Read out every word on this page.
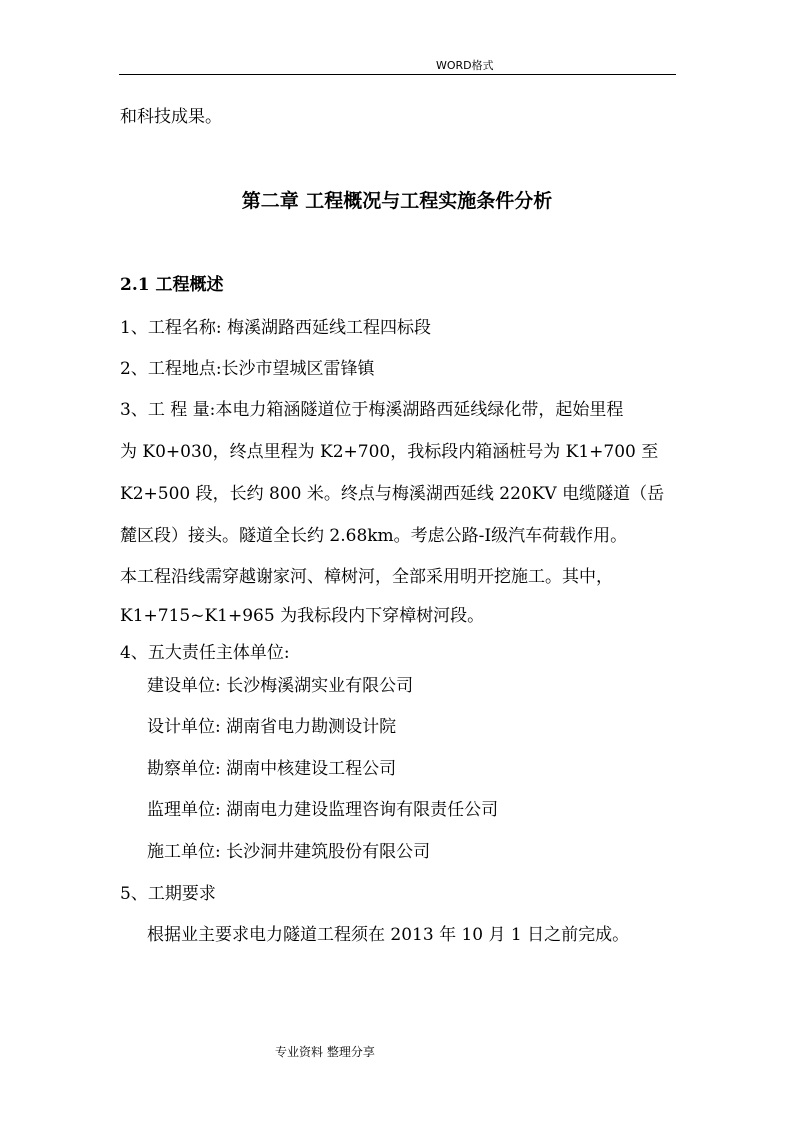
WORD格式
和科技成果。
第二章 工程概况与工程实施条件分析
2.1 工程概述
1、工程名称: 梅溪湖路西延线工程四标段
2、工程地点:长沙市望城区雷锋镇
3、工 程 量:本电力箱涵隧道位于梅溪湖路西延线绿化带，起始里程
为 K0+030，终点里程为 K2+700，我标段内箱涵桩号为 K1+700 至
K2+500 段，长约 800 米。终点与梅溪湖西延线 220KV 电缆隧道（岳
麓区段）接头。隧道全长约 2.68km。考虑公路-Ⅰ级汽车荷载作用。
本工程沿线需穿越谢家河、樟树河，全部采用明开挖施工。其中，
K1+715~K1+965 为我标段内下穿樟树河段。
4、五大责任主体单位:
建设单位: 长沙梅溪湖实业有限公司
设计单位: 湖南省电力勘测设计院
勘察单位: 湖南中核建设工程公司
监理单位: 湖南电力建设监理咨询有限责任公司
施工单位: 长沙洞井建筑股份有限公司
5、工期要求
根据业主要求电力隧道工程须在 2013 年 10 月 1 日之前完成。
专业资料 整理分享
